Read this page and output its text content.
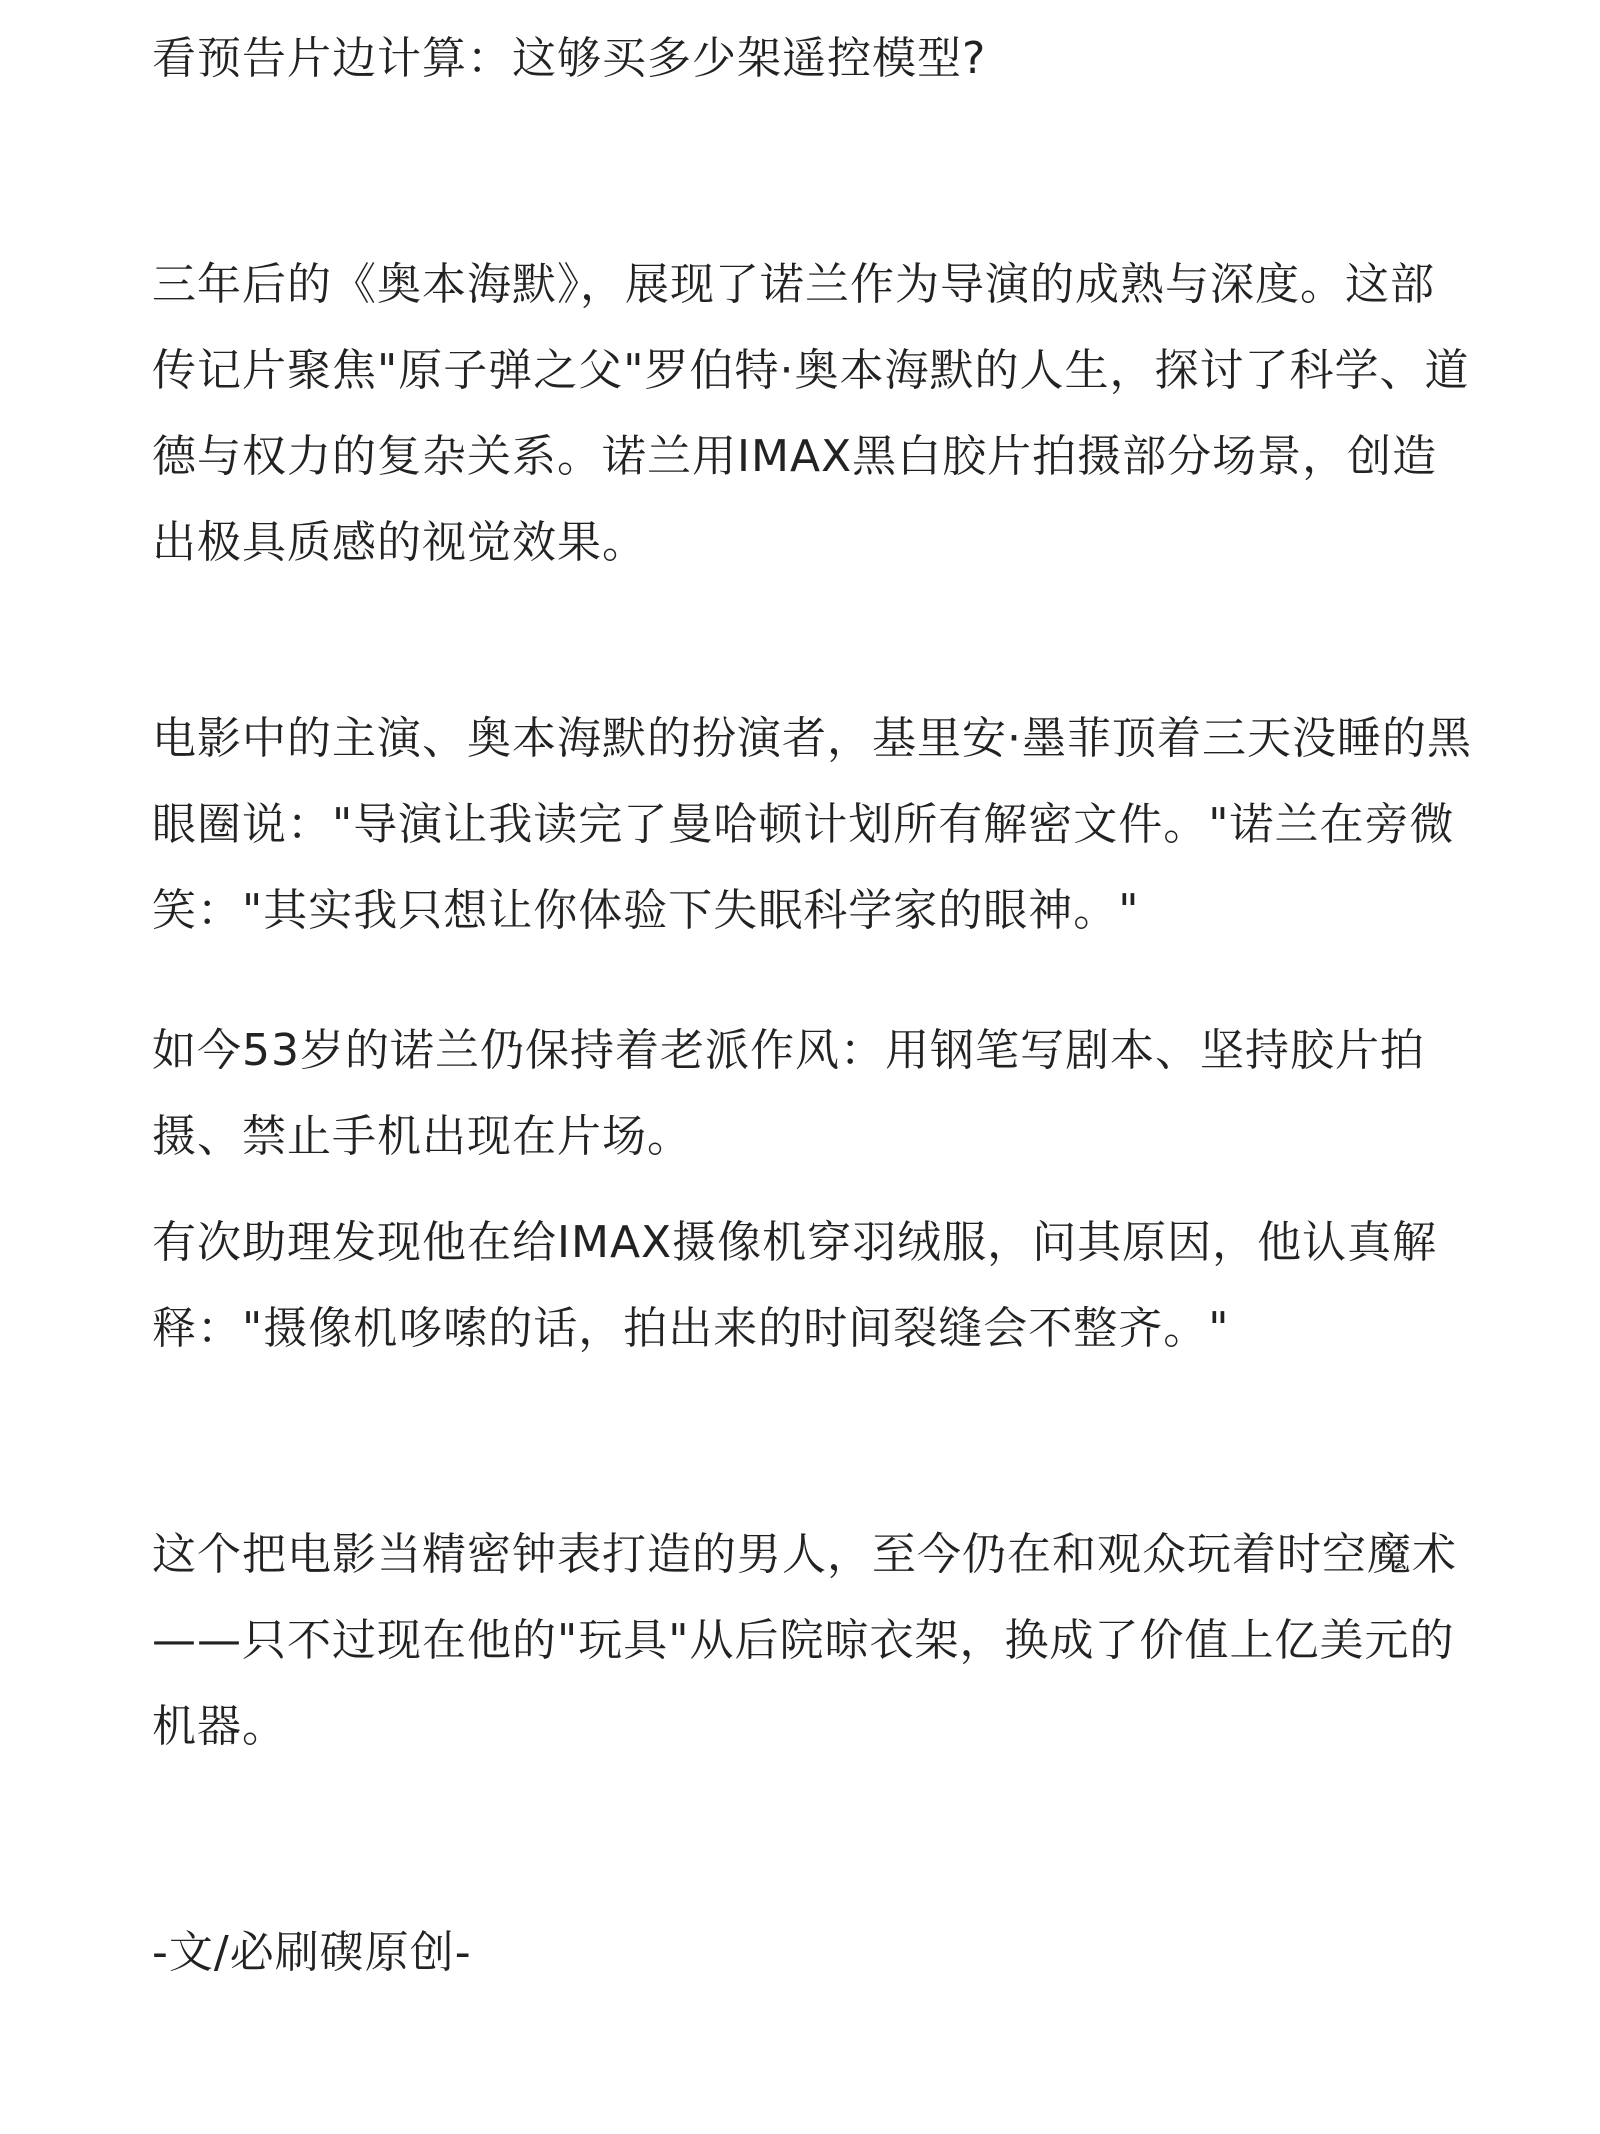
看预告片边计算：这够买多少架遥控模型?

三年后的《奥本海默》，展现了诺兰作为导演的成熟与深度。这部传记片聚焦"原子弹之父"罗伯特·奥本海默的人生，探讨了科学、道德与权力的复杂关系。诺兰用IMAX黑白胶片拍摄部分场景，创造出极具质感的视觉效果。

电影中的主演、奥本海默的扮演者，基里安·墨菲顶着三天没睡的黑眼圈说："导演让我读完了曼哈顿计划所有解密文件。"诺兰在旁微笑："其实我只想让你体验下失眠科学家的眼神。"

如今53岁的诺兰仍保持着老派作风：用钢笔写剧本、坚持胶片拍摄、禁止手机出现在片场。

有次助理发现他在给IMAX摄像机穿羽绒服，问其原因，他认真解释："摄像机哆嗦的话，拍出来的时间裂缝会不整齐。"

这个把电影当精密钟表打造的男人，至今仍在和观众玩着时空魔术——只不过现在他的"玩具"从后院晾衣架，换成了价值上亿美元的机器。

-文/必刷碶原创-
